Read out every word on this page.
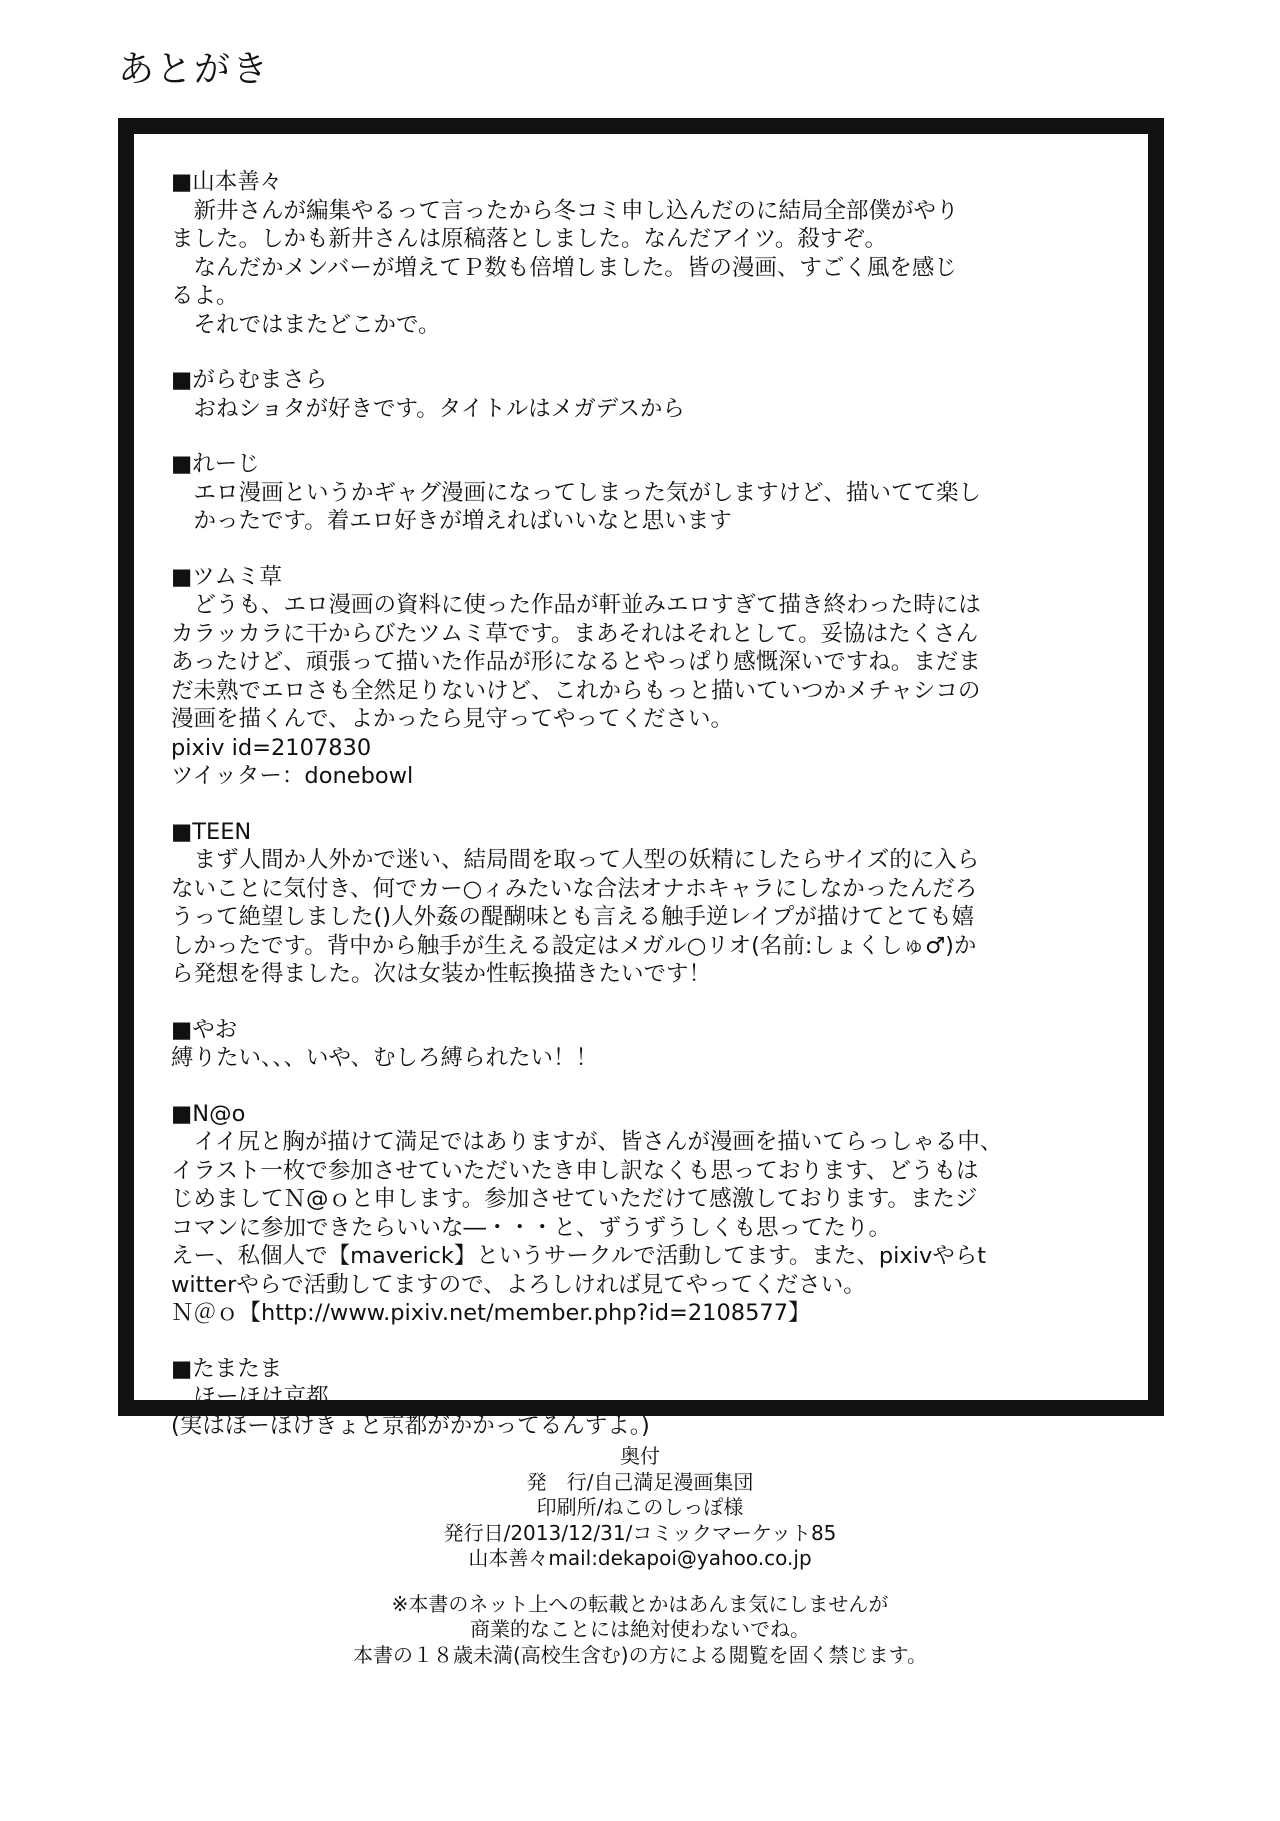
あとがき
■山本善々
　新井さんが編集やるって言ったから冬コミ申し込んだのに結局全部僕がやり
ました。しかも新井さんは原稿落としました。なんだアイツ。殺すぞ。
　なんだかメンバーが増えてＰ数も倍増しました。皆の漫画、すごく風を感じ
るよ。
　それではまたどこかで。
■がらむまさら
　おねショタが好きです。タイトルはメガデスから
■れーじ
　エロ漫画というかギャグ漫画になってしまった気がしますけど、描いてて楽し
　かったです。着エロ好きが増えればいいなと思います
■ツムミ草
　どうも、エロ漫画の資料に使った作品が軒並みエロすぎて描き終わった時には
カラッカラに干からびたツムミ草です。まあそれはそれとして。妥協はたくさん
あったけど、頑張って描いた作品が形になるとやっぱり感慨深いですね。まだま
だ未熟でエロさも全然足りないけど、これからもっと描いていつかメチャシコの
漫画を描くんで、よかったら見守ってやってください。
pixiv id=2107830
ツイッター：donebowl
■TEEN
　まず人間か人外かで迷い、結局間を取って人型の妖精にしたらサイズ的に入ら
ないことに気付き、何でカー○ィみたいな合法オナホキャラにしなかったんだろ
うって絶望しました()人外姦の醍醐味とも言える触手逆レイプが描けてとても嬉
しかったです。背中から触手が生える設定はメガル○リオ(名前:しょくしゅ♂)か
ら発想を得ました。次は女装か性転換描きたいです！
■やお
縛りたい、、、いや、むしろ縛られたい！！
■N@o
　イイ尻と胸が描けて満足ではありますが、皆さんが漫画を描いてらっしゃる中、
イラスト一枚で参加させていただいたき申し訳なくも思っております、どうもは
じめましてＮ@ｏと申します。参加させていただけて感激しております。またジ
コマンに参加できたらいいな―・・・と、ずうずうしくも思ってたり。
えー、私個人で【maverick】というサークルで活動してます。また、pixivやらt
witterやらで活動してますので、よろしければ見てやってください。
Ｎ＠ｏ【http://www.pixiv.net/member.php?id=2108577】
■たまたま
　ほーほけ京都
(実はほーほけきょと京都がかかってるんすよ。)
奥付
発　行/自己満足漫画集団
印刷所/ねこのしっぽ様
発行日/2013/12/31/コミックマーケット85
山本善々mail:dekapoi@yahoo.co.jp
※本書のネット上への転載とかはあんま気にしませんが
商業的なことには絶対使わないでね。
本書の１８歳未満(高校生含む)の方による閲覧を固く禁じます。
